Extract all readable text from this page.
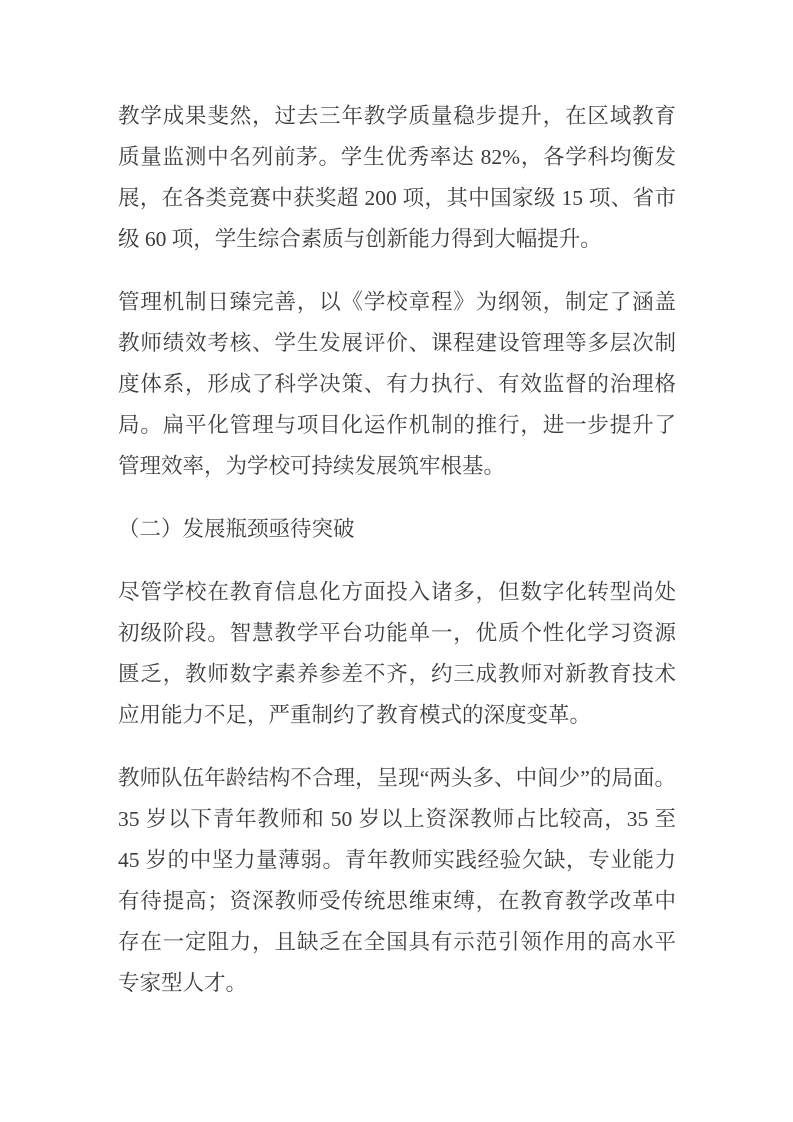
教学成果斐然，过去三年教学质量稳步提升，在区域教育质量监测中名列前茅。学生优秀率达 82%，各学科均衡发展，在各类竞赛中获奖超 200 项，其中国家级 15 项、省市级 60 项，学生综合素质与创新能力得到大幅提升。

管理机制日臻完善，以《学校章程》为纲领，制定了涵盖教师绩效考核、学生发展评价、课程建设管理等多层次制度体系，形成了科学决策、有力执行、有效监督的治理格局。扁平化管理与项目化运作机制的推行，进一步提升了管理效率，为学校可持续发展筑牢根基。

（二）发展瓶颈亟待突破

尽管学校在教育信息化方面投入诸多，但数字化转型尚处初级阶段。智慧教学平台功能单一，优质个性化学习资源匮乏，教师数字素养参差不齐，约三成教师对新教育技术应用能力不足，严重制约了教育模式的深度变革。

教师队伍年龄结构不合理，呈现“两头多、中间少”的局面。35 岁以下青年教师和 50 岁以上资深教师占比较高，35 至 45 岁的中坚力量薄弱。青年教师实践经验欠缺，专业能力有待提高；资深教师受传统思维束缚，在教育教学改革中存在一定阻力，且缺乏在全国具有示范引领作用的高水平专家型人才。
